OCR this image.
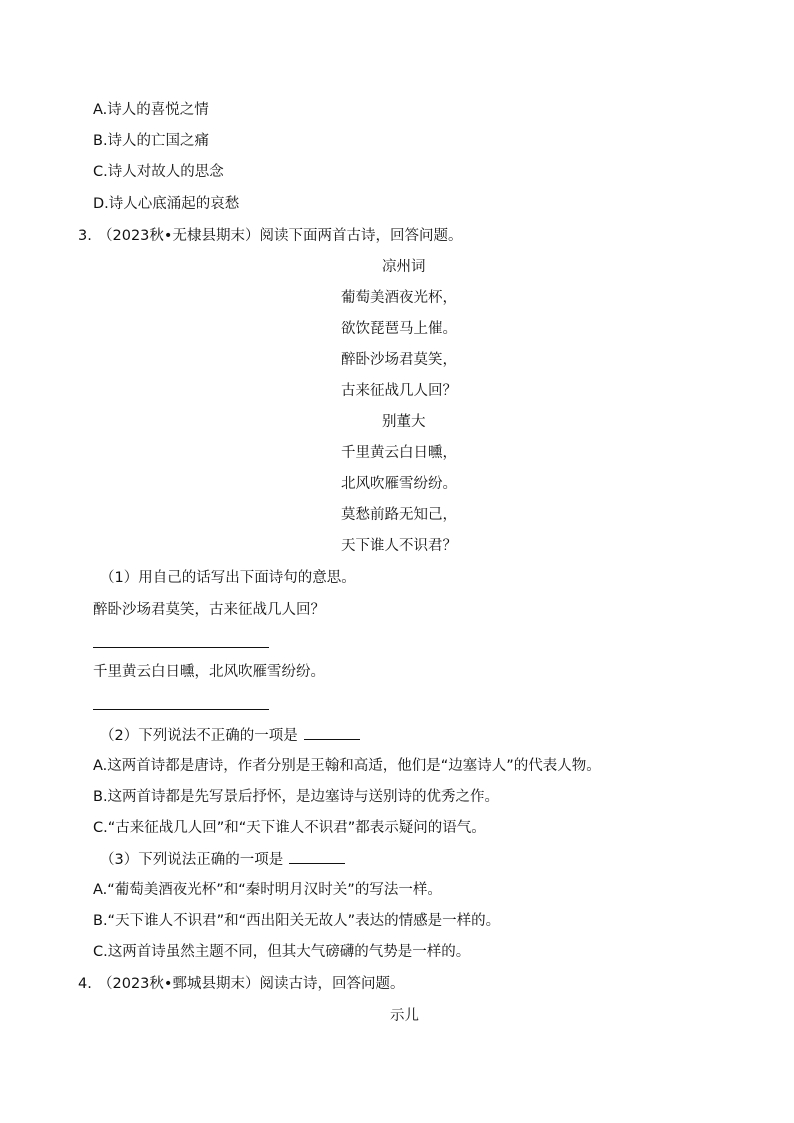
A.诗人的喜悦之情
B.诗人的亡国之痛
C.诗人对故人的思念
D.诗人心底涌起的哀愁
3. （2023秋•无棣县期末）阅读下面两首古诗，回答问题。
凉州词
葡萄美酒夜光杯，
欲饮琵琶马上催。
醉卧沙场君莫笑，
古来征战几人回？
别董大
千里黄云白日曛，
北风吹雁雪纷纷。
莫愁前路无知己，
天下谁人不识君？
（1）用自己的话写出下面诗句的意思。
醉卧沙场君莫笑，古来征战几人回？
千里黄云白日曛，北风吹雁雪纷纷。
（2）下列说法不正确的一项是
A.这两首诗都是唐诗，作者分别是王翰和高适，他们是“边塞诗人”的代表人物。
B.这两首诗都是先写景后抒怀，是边塞诗与送别诗的优秀之作。
C.“古来征战几人回”和“天下谁人不识君”都表示疑问的语气。
（3）下列说法正确的一项是
A.“葡萄美酒夜光杯”和“秦时明月汉时关”的写法一样。
B.“天下谁人不识君”和“西出阳关无故人”表达的情感是一样的。
C.这两首诗虽然主题不同，但其大气磅礴的气势是一样的。
4. （2023秋•鄄城县期末）阅读古诗，回答问题。
示儿
